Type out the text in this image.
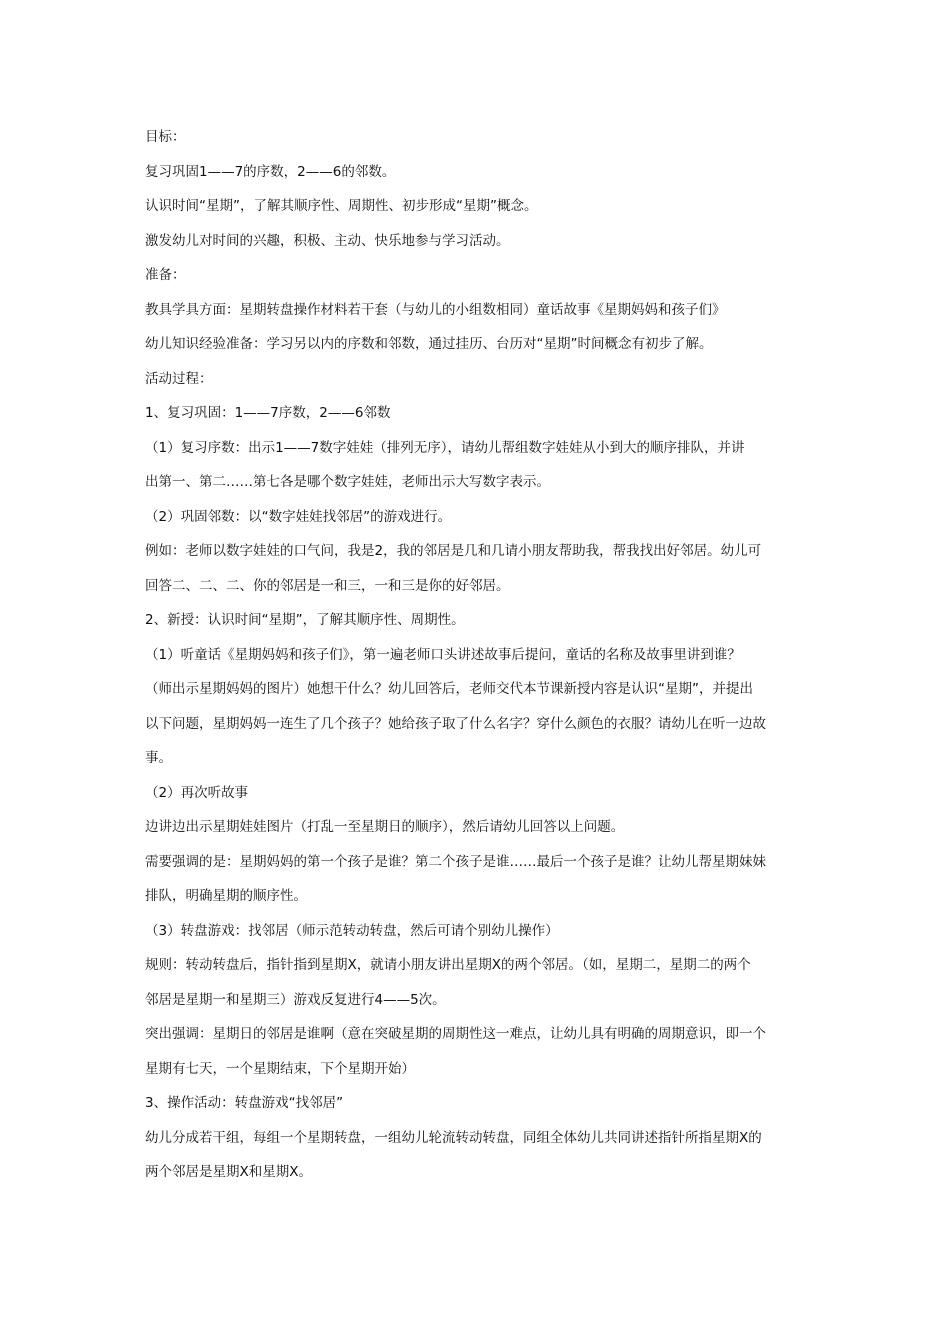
目标：
复习巩固1——7的序数，2——6的邻数。
认识时间“星期”，了解其顺序性、周期性、初步形成“星期”概念。
激发幼儿对时间的兴趣，积极、主动、快乐地参与学习活动。
准备：
教具学具方面：星期转盘操作材料若干套（与幼儿的小组数相同）童话故事《星期妈妈和孩子们》
幼儿知识经验准备：学习另以内的序数和邻数，通过挂历、台历对“星期”时间概念有初步了解。
活动过程：
1、复习巩固：1——7序数，2——6邻数
（1）复习序数：出示1——7数字娃娃（排列无序），请幼儿帮组数字娃娃从小到大的顺序排队，并讲
出第一、第二……第七各是哪个数字娃娃，老师出示大写数字表示。
（2）巩固邻数：以“数字娃娃找邻居”的游戏进行。
例如：老师以数字娃娃的口气问，我是2，我的邻居是几和几请小朋友帮助我，帮我找出好邻居。幼儿可
回答二、二、二、你的邻居是一和三，一和三是你的好邻居。
2、新授：认识时间“星期”，了解其顺序性、周期性。
（1）听童话《星期妈妈和孩子们》，第一遍老师口头讲述故事后提问，童话的名称及故事里讲到谁？
（师出示星期妈妈的图片）她想干什么？幼儿回答后，老师交代本节课新授内容是认识“星期”，并提出
以下问题，星期妈妈一连生了几个孩子？她给孩子取了什么名字？穿什么颜色的衣服？请幼儿在听一边故
事。
（2）再次听故事
边讲边出示星期娃娃图片（打乱一至星期日的顺序），然后请幼儿回答以上问题。
需要强调的是：星期妈妈的第一个孩子是谁？第二个孩子是谁……最后一个孩子是谁？让幼儿帮星期妹妹
排队，明确星期的顺序性。
（3）转盘游戏：找邻居（师示范转动转盘，然后可请个别幼儿操作）
规则：转动转盘后，指针指到星期X，就请小朋友讲出星期X的两个邻居。（如，星期二，星期二的两个
邻居是星期一和星期三）游戏反复进行4——5次。
突出强调：星期日的邻居是谁啊（意在突破星期的周期性这一难点，让幼儿具有明确的周期意识，即一个
星期有七天，一个星期结束，下个星期开始）
3、操作活动：转盘游戏“找邻居”
幼儿分成若干组，每组一个星期转盘，一组幼儿轮流转动转盘，同组全体幼儿共同讲述指针所指星期X的
两个邻居是星期X和星期X。
